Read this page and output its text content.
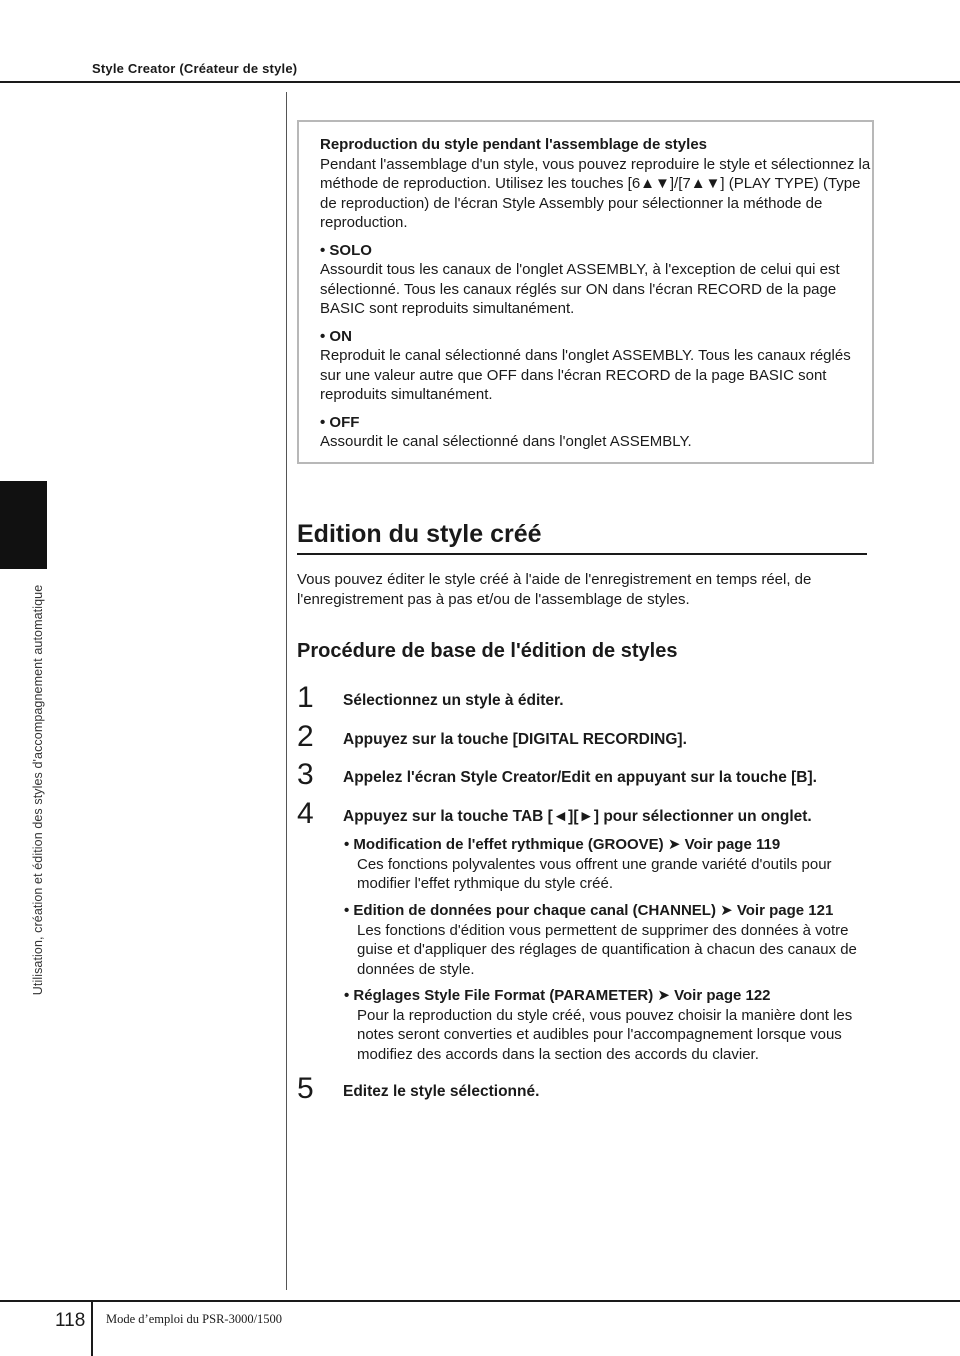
Style Creator (Créateur de style)
Utilisation, création et édition des styles d'accompagnement automatique

Reproduction du style pendant l'assemblage de styles

Pendant l'assemblage d'un style, vous pouvez reproduire le style et sélectionnez la méthode de reproduction. Utilisez les touches [6▲▼]/[7▲▼] (PLAY TYPE) (Type de reproduction) de l'écran Style Assembly pour sélectionner la méthode de reproduction.

• SOLO

Assourdit tous les canaux de l'onglet ASSEMBLY, à l'exception de celui qui est sélectionné. Tous les canaux réglés sur ON dans l'écran RECORD de la page BASIC sont reproduits simultanément.

• ON

Reproduit le canal sélectionné dans l'onglet ASSEMBLY. Tous les canaux réglés sur une valeur autre que OFF dans l'écran RECORD de la page BASIC sont reproduits simultanément.

• OFF

Assourdit le canal sélectionné dans l'onglet ASSEMBLY.

Edition du style créé

Vous pouvez éditer le style créé à l'aide de l'enregistrement en temps réel, de l'enregistrement pas à pas et/ou de l'assemblage de styles.

Procédure de base de l'édition de styles
1 Sélectionnez un style à éditer.
2 Appuyez sur la touche [DIGITAL RECORDING].
3 Appelez l'écran Style Creator/Edit en appuyant sur la touche [B].
4 Appuyez sur la touche TAB [◄][►] pour sélectionner un onglet.
• Modification de l'effet rythmique (GROOVE) ➤ Voir page 119
Ces fonctions polyvalentes vous offrent une grande variété d'outils pour modifier l'effet rythmique du style créé.
• Edition de données pour chaque canal (CHANNEL) ➤ Voir page 121
Les fonctions d'édition vous permettent de supprimer des données à votre guise et d'appliquer des réglages de quantification à chacun des canaux de données de style.
• Réglages Style File Format (PARAMETER) ➤ Voir page 122
Pour la reproduction du style créé, vous pouvez choisir la manière dont les notes seront converties et audibles pour l'accompagnement lorsque vous modifiez des accords dans la section des accords du clavier.
5 Editez le style sélectionné.
118 Mode d’emploi du PSR-3000/1500
